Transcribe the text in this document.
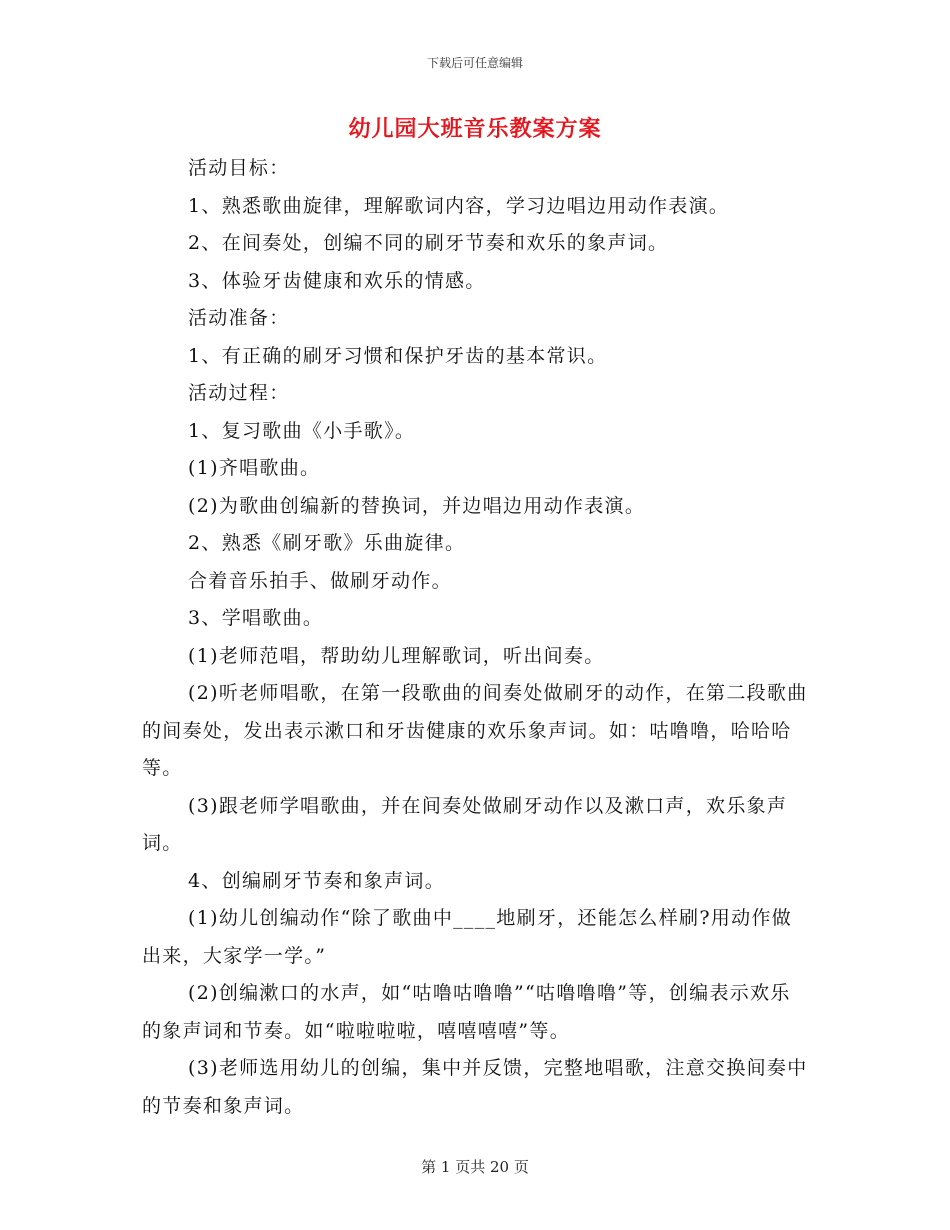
下载后可任意编辑
幼儿园大班音乐教案方案

活动目标：

1、熟悉歌曲旋律，理解歌词内容，学习边唱边用动作表演。

2、在间奏处，创编不同的刷牙节奏和欢乐的象声词。

3、体验牙齿健康和欢乐的情感。

活动准备：

1、有正确的刷牙习惯和保护牙齿的基本常识。

活动过程：

1、复习歌曲《小手歌》。

(1)齐唱歌曲。

(2)为歌曲创编新的替换词，并边唱边用动作表演。

2、熟悉《刷牙歌》乐曲旋律。

合着音乐拍手、做刷牙动作。

3、学唱歌曲。

(1)老师范唱，帮助幼儿理解歌词，听出间奏。

(2)听老师唱歌，在第一段歌曲的间奏处做刷牙的动作，在第二段歌曲的间奏处，发出表示漱口和牙齿健康的欢乐象声词。如：咕噜噜，哈哈哈等。

(3)跟老师学唱歌曲，并在间奏处做刷牙动作以及漱口声，欢乐象声词。

4、创编刷牙节奏和象声词。

(1)幼儿创编动作“除了歌曲中____地刷牙，还能怎么样刷?用动作做出来，大家学一学。”

(2)创编漱口的水声，如“咕噜咕噜噜”“咕噜噜噜”等，创编表示欢乐的象声词和节奏。如“啦啦啦啦，嘻嘻嘻嘻”等。

(3)老师选用幼儿的创编，集中并反馈，完整地唱歌，注意交换间奏中的节奏和象声词。

第 1 页共 20 页
